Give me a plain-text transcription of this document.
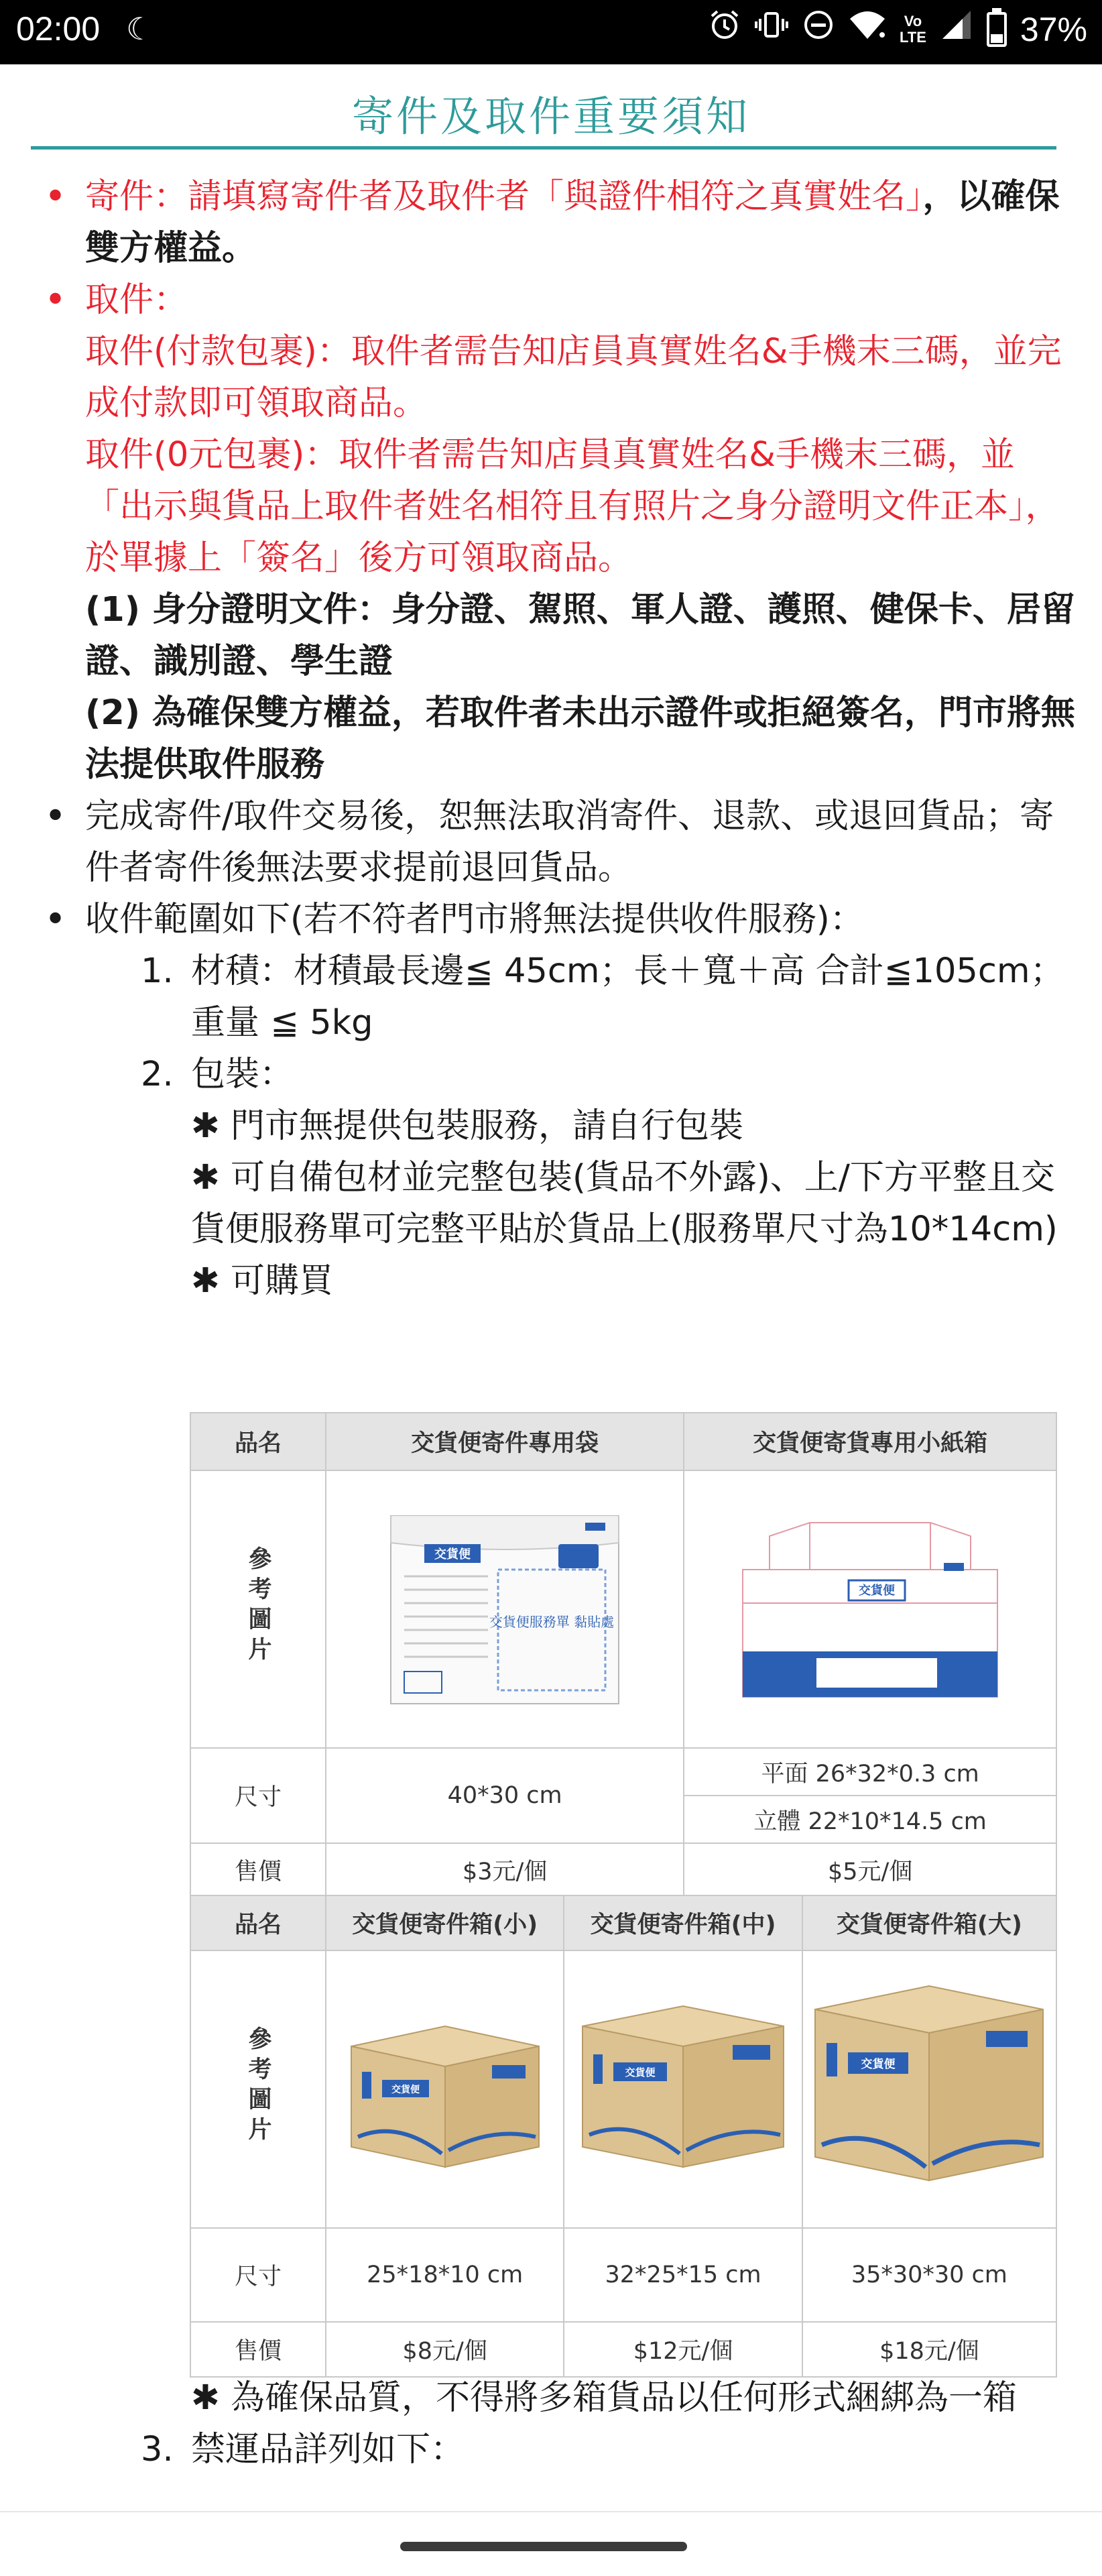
02:00 ☾	Vo
LTE	37%
寄件及取件重要須知
• 寄件：請填寫寄件者及取件者「與證件相符之真實姓名」，以確保雙方權益。
• 取件：
取件(付款包裹)：取件者需告知店員真實姓名&手機末三碼，並完成付款即可領取商品。
取件(0元包裹)：取件者需告知店員真實姓名&手機末三碼，並「出示與貨品上取件者姓名相符且有照片之身分證明文件正本」，於單據上「簽名」後方可領取商品。
(1) 身分證明文件：身分證、駕照、軍人證、護照、健保卡、居留證、識別證、學生證
(2) 為確保雙方權益，若取件者未出示證件或拒絕簽名，門市將無法提供取件服務
• 完成寄件/取件交易後，恕無法取消寄件、退款、或退回貨品；寄件者寄件後無法要求提前退回貨品。
• 收件範圍如下(若不符者門市將無法提供收件服務)：
1. 材積：材積最長邊≦ 45cm；長＋寬＋高 合計≦105cm；重量 ≦ 5kg
2. 包裝：
✱ 門市無提供包裝服務，請自行包裝
✱ 可自備包材並完整包裝(貨品不外露)、上/下方平整且交貨便服務單可完整平貼於貨品上(服務單尺寸為10*14cm)
✱ 可購買
品名	交貨便寄件專用袋	交貨便寄貨專用小紙箱
參考圖片	交貨便服務單 黏貼處
交貨便	交貨便

尺寸	40*30 cm	平面 26*32*0.3 cm
		立體 22*10*14.5 cm
售價	$3元/個	$5元/個
品名	交貨便寄件箱(小)	交貨便寄件箱(中)	交貨便寄件箱(大)
參考圖片	交貨便	交貨便	交貨便

尺寸	25*18*10 cm	32*25*15 cm	35*30*30 cm
售價	$8元/個	$12元/個	$18元/個
✱ 為確保品質，不得將多箱貨品以任何形式綑綁為一箱
3. 禁運品詳列如下：
